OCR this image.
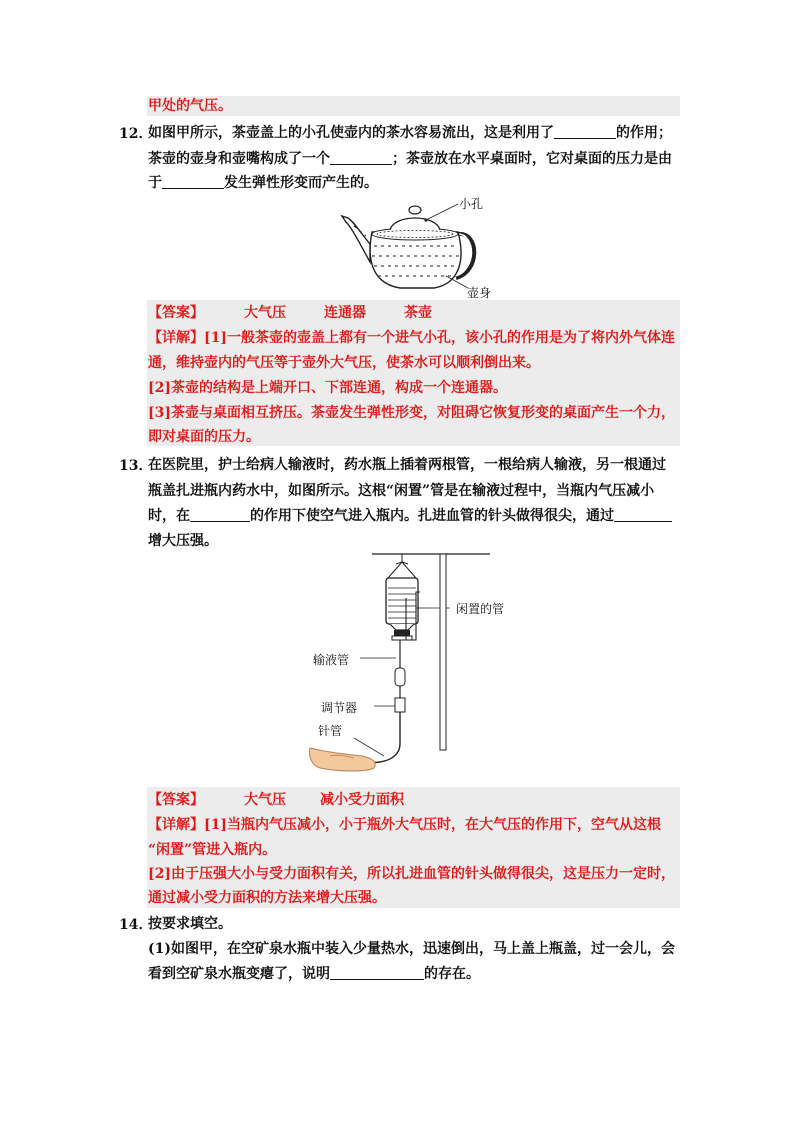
甲处的气压。
12．
如图甲所示，茶壶盖上的小孔使壶内的茶水容易流出，这是利用了	的作用；
茶壶的壶身和壶嘴构成了一个	；茶壶放在水平桌面时，它对桌面的压力是由
于	发生弹性形变而产生的。
小孔
壶身
【答案】	大气压	连通器	茶壶
【详解】[1]一般茶壶的壶盖上都有一个进气小孔，该小孔的作用是为了将内外气体连
通，维持壶内的气压等于壶外大气压，使茶水可以顺利倒出来。
[2]茶壶的结构是上端开口、下部连通，构成一个连通器。
[3]茶壶与桌面相互挤压。茶壶发生弹性形变，对阻碍它恢复形变的桌面产生一个力，
即对桌面的压力。
13．
在医院里，护士给病人输液时，药水瓶上插着两根管，一根给病人输液，另一根通过
瓶盖扎进瓶内药水中，如图所示。这根“闲置”管是在输液过程中，当瓶内气压减小
时，在	的作用下使空气进入瓶内。扎进血管的针头做得很尖，通过
增大压强。
闲置的管
输液管
调节器
针管
【答案】	大气压 减小受力面积
【详解】[1]当瓶内气压减小，小于瓶外大气压时，在大气压的作用下，空气从这根
“闲置”管进入瓶内。
[2]由于压强大小与受力面积有关，所以扎进血管的针头做得很尖，这是压力一定时，
通过减小受力面积的方法来增大压强。
14．
按要求填空。
(1)如图甲，在空矿泉水瓶中装入少量热水，迅速倒出，马上盖上瓶盖，过一会儿，会
看到空矿泉水瓶变瘪了，说明	的存在。
